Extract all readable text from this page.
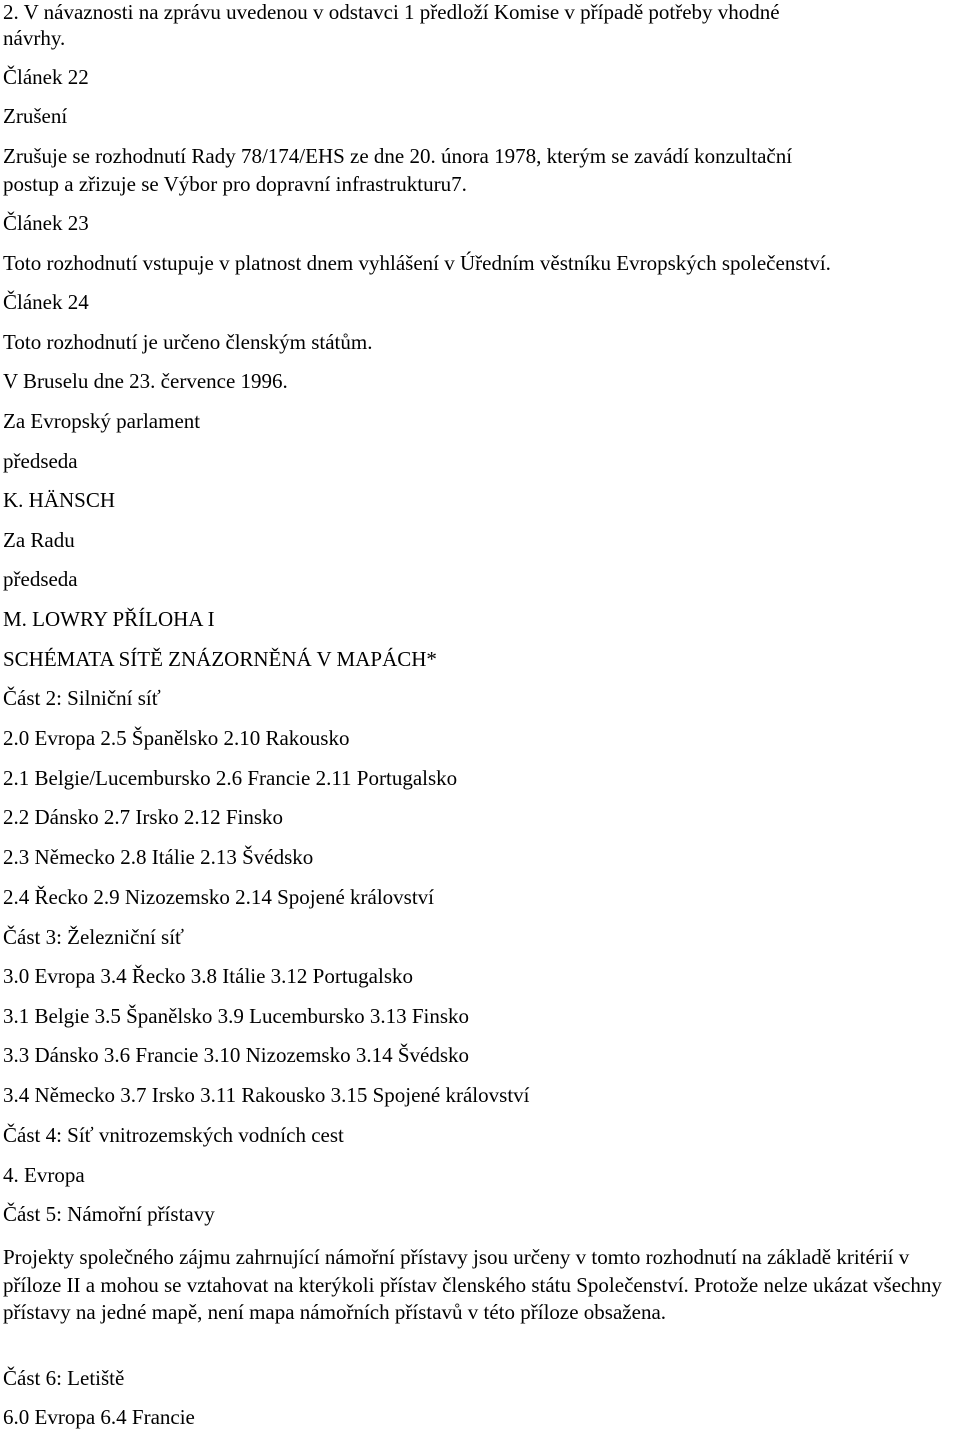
2. V návaznosti na zprávu uvedenou v odstavci 1 předloží Komise v případě potřeby vhodné

návrhy.

Článek 22

Zrušení

Zrušuje se rozhodnutí Rady 78/174/EHS ze dne 20. února 1978, kterým se zavádí konzultační

postup a zřizuje se Výbor pro dopravní infrastrukturu7.

Článek 23

Toto rozhodnutí vstupuje v platnost dnem vyhlášení v Úředním věstníku Evropských společenství.

Článek 24

Toto rozhodnutí je určeno členským státům.

V Bruselu dne 23. července 1996.

Za Evropský parlament

předseda

K. HÄNSCH

Za Radu

předseda

M. LOWRY PŘÍLOHA I

SCHÉMATA SÍTĚ ZNÁZORNĚNÁ V MAPÁCH*

Část 2: Silniční síť

2.0 Evropa 2.5 Španělsko 2.10 Rakousko

2.1 Belgie/Lucembursko 2.6 Francie 2.11 Portugalsko

2.2 Dánsko 2.7 Irsko 2.12 Finsko

2.3 Německo 2.8 Itálie 2.13 Švédsko

2.4 Řecko 2.9 Nizozemsko 2.14 Spojené království

Část 3: Železniční síť

3.0 Evropa 3.4 Řecko 3.8 Itálie 3.12 Portugalsko

3.1 Belgie 3.5 Španělsko 3.9 Lucembursko 3.13 Finsko

3.3 Dánsko 3.6 Francie 3.10 Nizozemsko 3.14 Švédsko

3.4 Německo 3.7 Irsko 3.11 Rakousko 3.15 Spojené království

Část 4: Síť vnitrozemských vodních cest

4. Evropa

Část 5: Námořní přístavy

Projekty společného zájmu zahrnující námořní přístavy jsou určeny v tomto rozhodnutí na základě kritérií v příloze II a mohou se vztahovat na kterýkoli přístav členského státu Společenství. Protože nelze ukázat všechny přístavy na jedné mapě, není mapa námořních přístavů v této příloze obsažena.

Část 6: Letiště

6.0 Evropa 6.4 Francie
